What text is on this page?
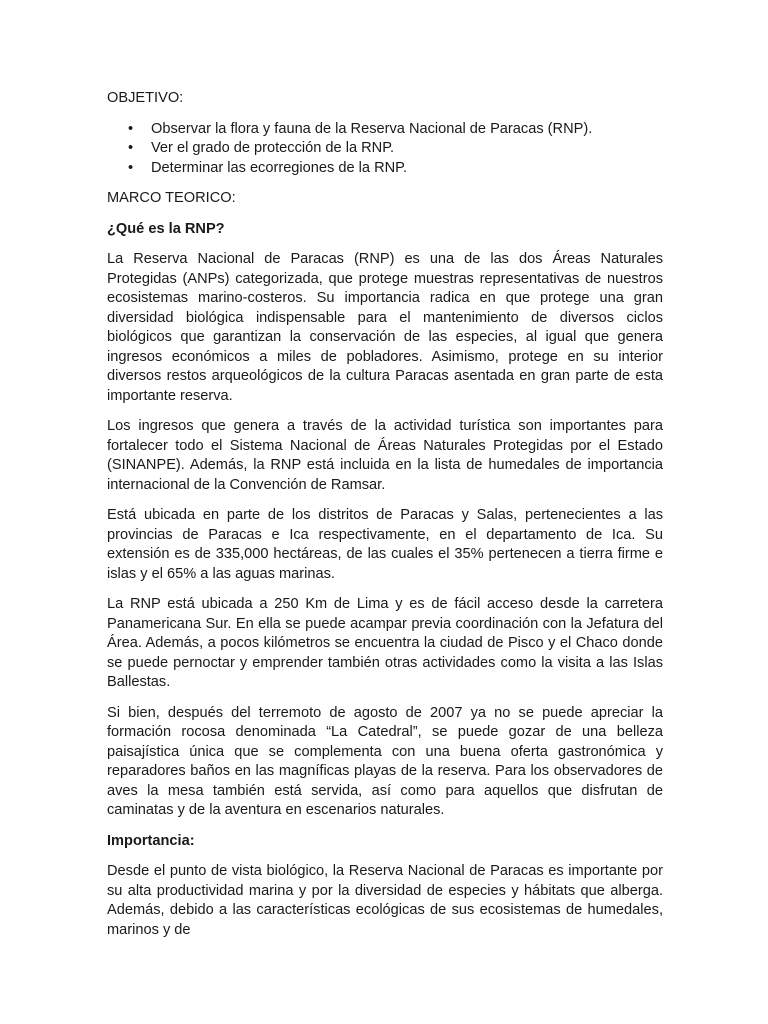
OBJETIVO:

• Observar la flora y fauna de la Reserva Nacional de Paracas (RNP).
• Ver el grado de protección de la RNP.
• Determinar las ecorregiones de la RNP.

MARCO TEORICO:

¿Qué es la RNP?

La Reserva Nacional de Paracas (RNP) es una de las dos Áreas Naturales Protegidas (ANPs) categorizada, que protege muestras representativas de nuestros ecosistemas marino-costeros. Su importancia radica en que protege una gran diversidad biológica indispensable para el mantenimiento de diversos ciclos biológicos que garantizan la conservación de las especies, al igual que genera ingresos económicos a miles de pobladores. Asimismo, protege en su interior diversos restos arqueológicos de la cultura Paracas asentada en gran parte de esta importante reserva.

Los ingresos que genera a través de la actividad turística son importantes para fortalecer todo el Sistema Nacional de Áreas Naturales Protegidas por el Estado (SINANPE). Además, la RNP está incluida en la lista de humedales de importancia internacional de la Convención de Ramsar.

Está ubicada en parte de los distritos de Paracas y Salas, pertenecientes a las provincias de Paracas e Ica respectivamente, en el departamento de Ica. Su extensión es de 335,000 hectáreas, de las cuales el 35% pertenecen a tierra firme e islas y el 65% a las aguas marinas.

La RNP está ubicada a 250 Km de Lima y es de fácil acceso desde la carretera Panamericana Sur. En ella se puede acampar previa coordinación con la Jefatura del Área. Además, a pocos kilómetros se encuentra la ciudad de Pisco y el Chaco donde se puede pernoctar y emprender también otras actividades como la visita a las Islas Ballestas.

Si bien, después del terremoto de agosto de 2007 ya no se puede apreciar la formación rocosa denominada “La Catedral”, se puede gozar de una belleza paisajística única que se complementa con una buena oferta gastronómica y reparadores baños en las magníficas playas de la reserva. Para los observadores de aves la mesa también está servida, así como para aquellos que disfrutan de caminatas y de la aventura en escenarios naturales.

Importancia:

Desde el punto de vista biológico, la Reserva Nacional de Paracas es importante por su alta productividad marina y por la diversidad de especies y hábitats que alberga. Además, debido a las características ecológicas de sus ecosistemas de humedales, marinos y de
